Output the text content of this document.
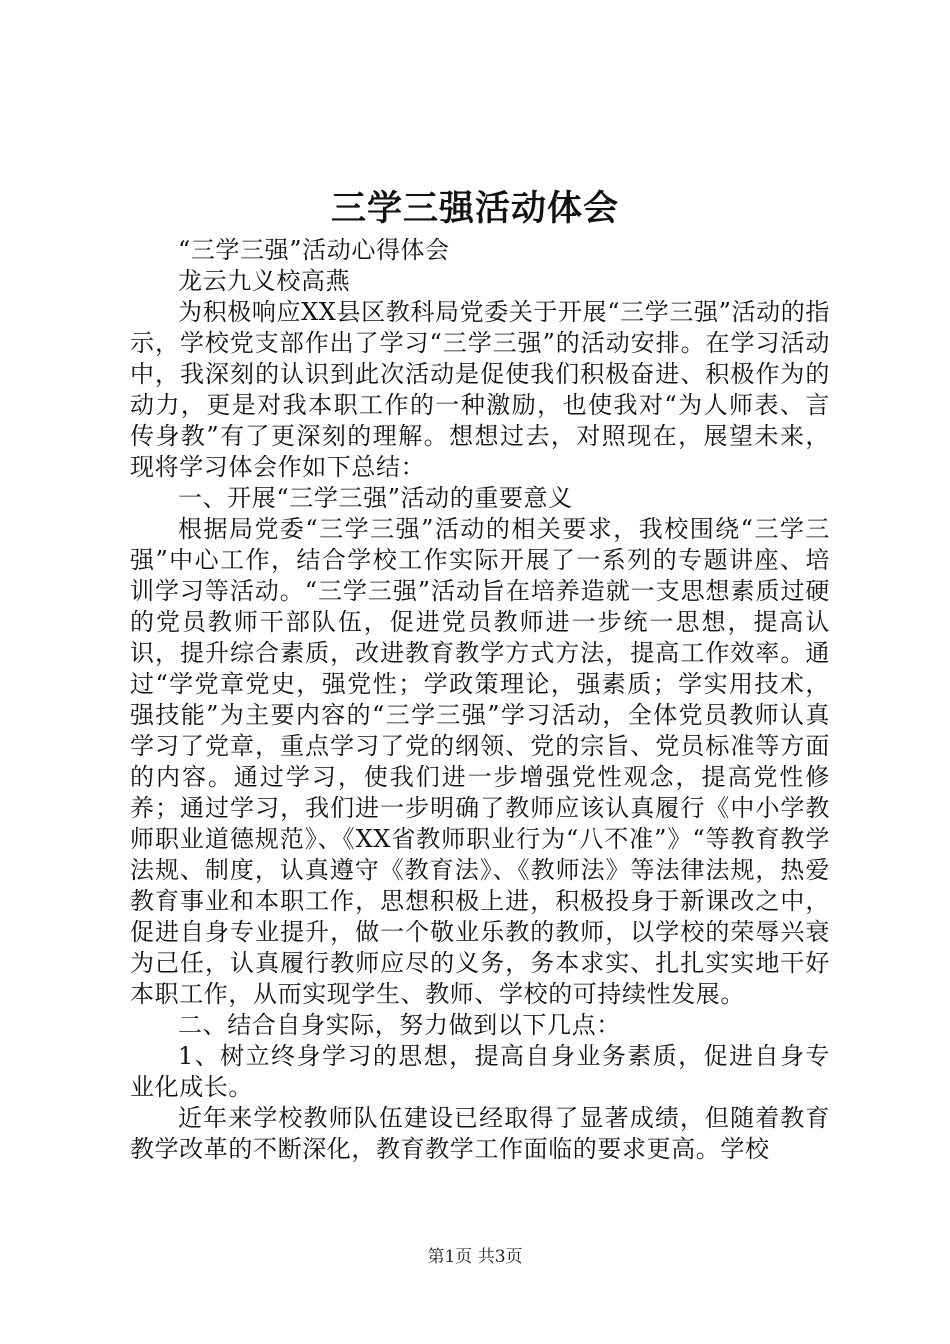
三学三强活动体会

“三学三强”活动心得体会

龙云九义校高燕

为积极响应XX县区教科局党委关于开展“三学三强”活动的指示，学校党支部作出了学习“三学三强”的活动安排。在学习活动中，我深刻的认识到此次活动是促使我们积极奋进、积极作为的动力，更是对我本职工作的一种激励，也使我对“为人师表、言传身教”有了更深刻的理解。想想过去，对照现在，展望未来，现将学习体会作如下总结：

一、开展“三学三强”活动的重要意义

根据局党委“三学三强”活动的相关要求，我校围绕“三学三强”中心工作，结合学校工作实际开展了一系列的专题讲座、培训学习等活动。“三学三强”活动旨在培养造就一支思想素质过硬的党员教师干部队伍，促进党员教师进一步统一思想，提高认识，提升综合素质，改进教育教学方式方法，提高工作效率。通过“学党章党史，强党性；学政策理论，强素质；学实用技术，强技能”为主要内容的“三学三强”学习活动，全体党员教师认真学习了党章，重点学习了党的纲领、党的宗旨、党员标准等方面的内容。通过学习，使我们进一步增强党性观念，提高党性修养；通过学习，我们进一步明确了教师应该认真履行《中小学教师职业道德规范》、《XX省教师职业行为“八不准”》“等教育教学法规、制度，认真遵守《教育法》、《教师法》等法律法规，热爱教育事业和本职工作，思想积极上进，积极投身于新课改之中，促进自身专业提升，做一个敬业乐教的教师，以学校的荣辱兴衰为己任，认真履行教师应尽的义务，务本求实、扎扎实实地干好本职工作，从而实现学生、教师、学校的可持续性发展。

二、结合自身实际，努力做到以下几点：

1、树立终身学习的思想，提高自身业务素质，促进自身专业化成长。

近年来学校教师队伍建设已经取得了显著成绩，但随着教育教学改革的不断深化，教育教学工作面临的要求更高。学校

第1页 共3页
